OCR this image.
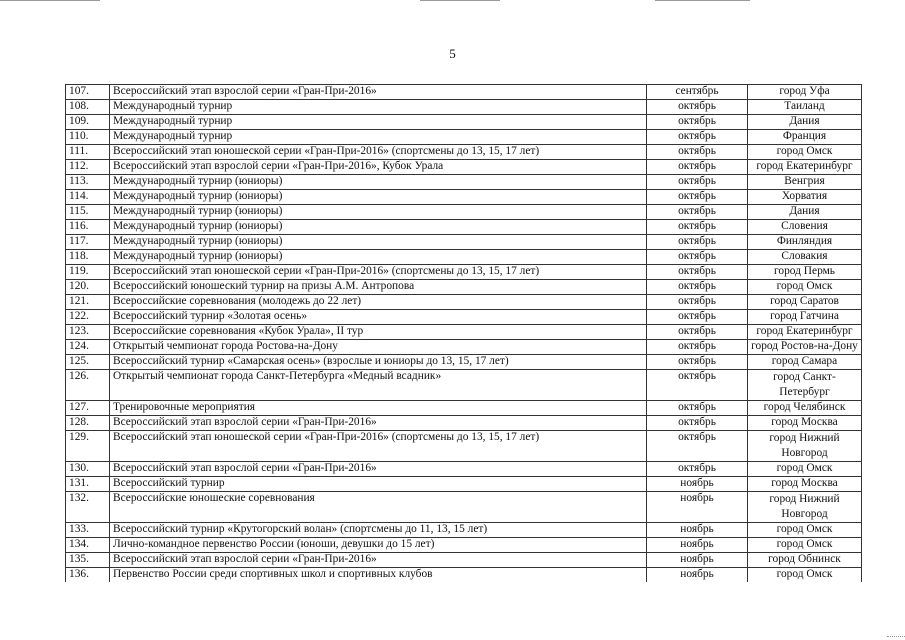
5
107.	Всероссийский этап взрослой серии «Гран-При-2016»	сентябрь	город Уфа
108.	Международный турнир	октябрь	Таиланд
109.	Международный турнир	октябрь	Дания
110.	Международный турнир	октябрь	Франция
111.	Всероссийский этап юношеской серии «Гран-При-2016» (спортсмены до 13, 15, 17 лет)	октябрь	город Омск
112.	Всероссийский этап взрослой серии «Гран-При-2016», Кубок Урала	октябрь	город Екатеринбург
113.	Международный турнир (юниоры)	октябрь	Венгрия
114.	Международный турнир (юниоры)	октябрь	Хорватия
115.	Международный турнир (юниоры)	октябрь	Дания
116.	Международный турнир (юниоры)	октябрь	Словения
117.	Международный турнир (юниоры)	октябрь	Финляндия
118.	Международный турнир (юниоры)	октябрь	Словакия
119.	Всероссийский этап юношеской серии «Гран-При-2016» (спортсмены до 13, 15, 17 лет)	октябрь	город Пермь
120.	Всероссийский юношеский турнир на призы А.М. Антропова	октябрь	город Омск
121.	Всероссийские соревнования (молодежь до 22 лет)	октябрь	город Саратов
122.	Всероссийский турнир «Золотая осень»	октябрь	город Гатчина
123.	Всероссийские соревнования «Кубок Урала», II тур	октябрь	город Екатеринбург
124.	Открытый чемпионат города Ростова-на-Дону	октябрь	город Ростов-на-Дону
125.	Всероссийский турнир «Самарская осень» (взрослые и юниоры до 13, 15, 17 лет)	октябрь	город Самара
126.	Открытый чемпионат города Санкт-Петербурга «Медный всадник»	октябрь	город Санкт-Петербург
127.	Тренировочные мероприятия	октябрь	город Челябинск
128.	Всероссийский этап взрослой серии «Гран-При-2016»	октябрь	город Москва
129.	Всероссийский этап юношеской серии «Гран-При-2016» (спортсмены до 13, 15, 17 лет)	октябрь	город Нижний Новгород
130.	Всероссийский этап взрослой серии «Гран-При-2016»	октябрь	город Омск
131.	Всероссийский турнир	ноябрь	город Москва
132.	Всероссийские юношеские соревнования	ноябрь	город Нижний Новгород
133.	Всероссийский турнир «Крутогорский волан» (спортсмены до 11, 13, 15 лет)	ноябрь	город Омск
134.	Лично-командное первенство России (юноши, девушки до 15 лет)	ноябрь	город Омск
135.	Всероссийский этап взрослой серии «Гран-При-2016»	ноябрь	город Обнинск
136.	Первенство России среди спортивных школ и спортивных клубов	ноябрь	город Омск
